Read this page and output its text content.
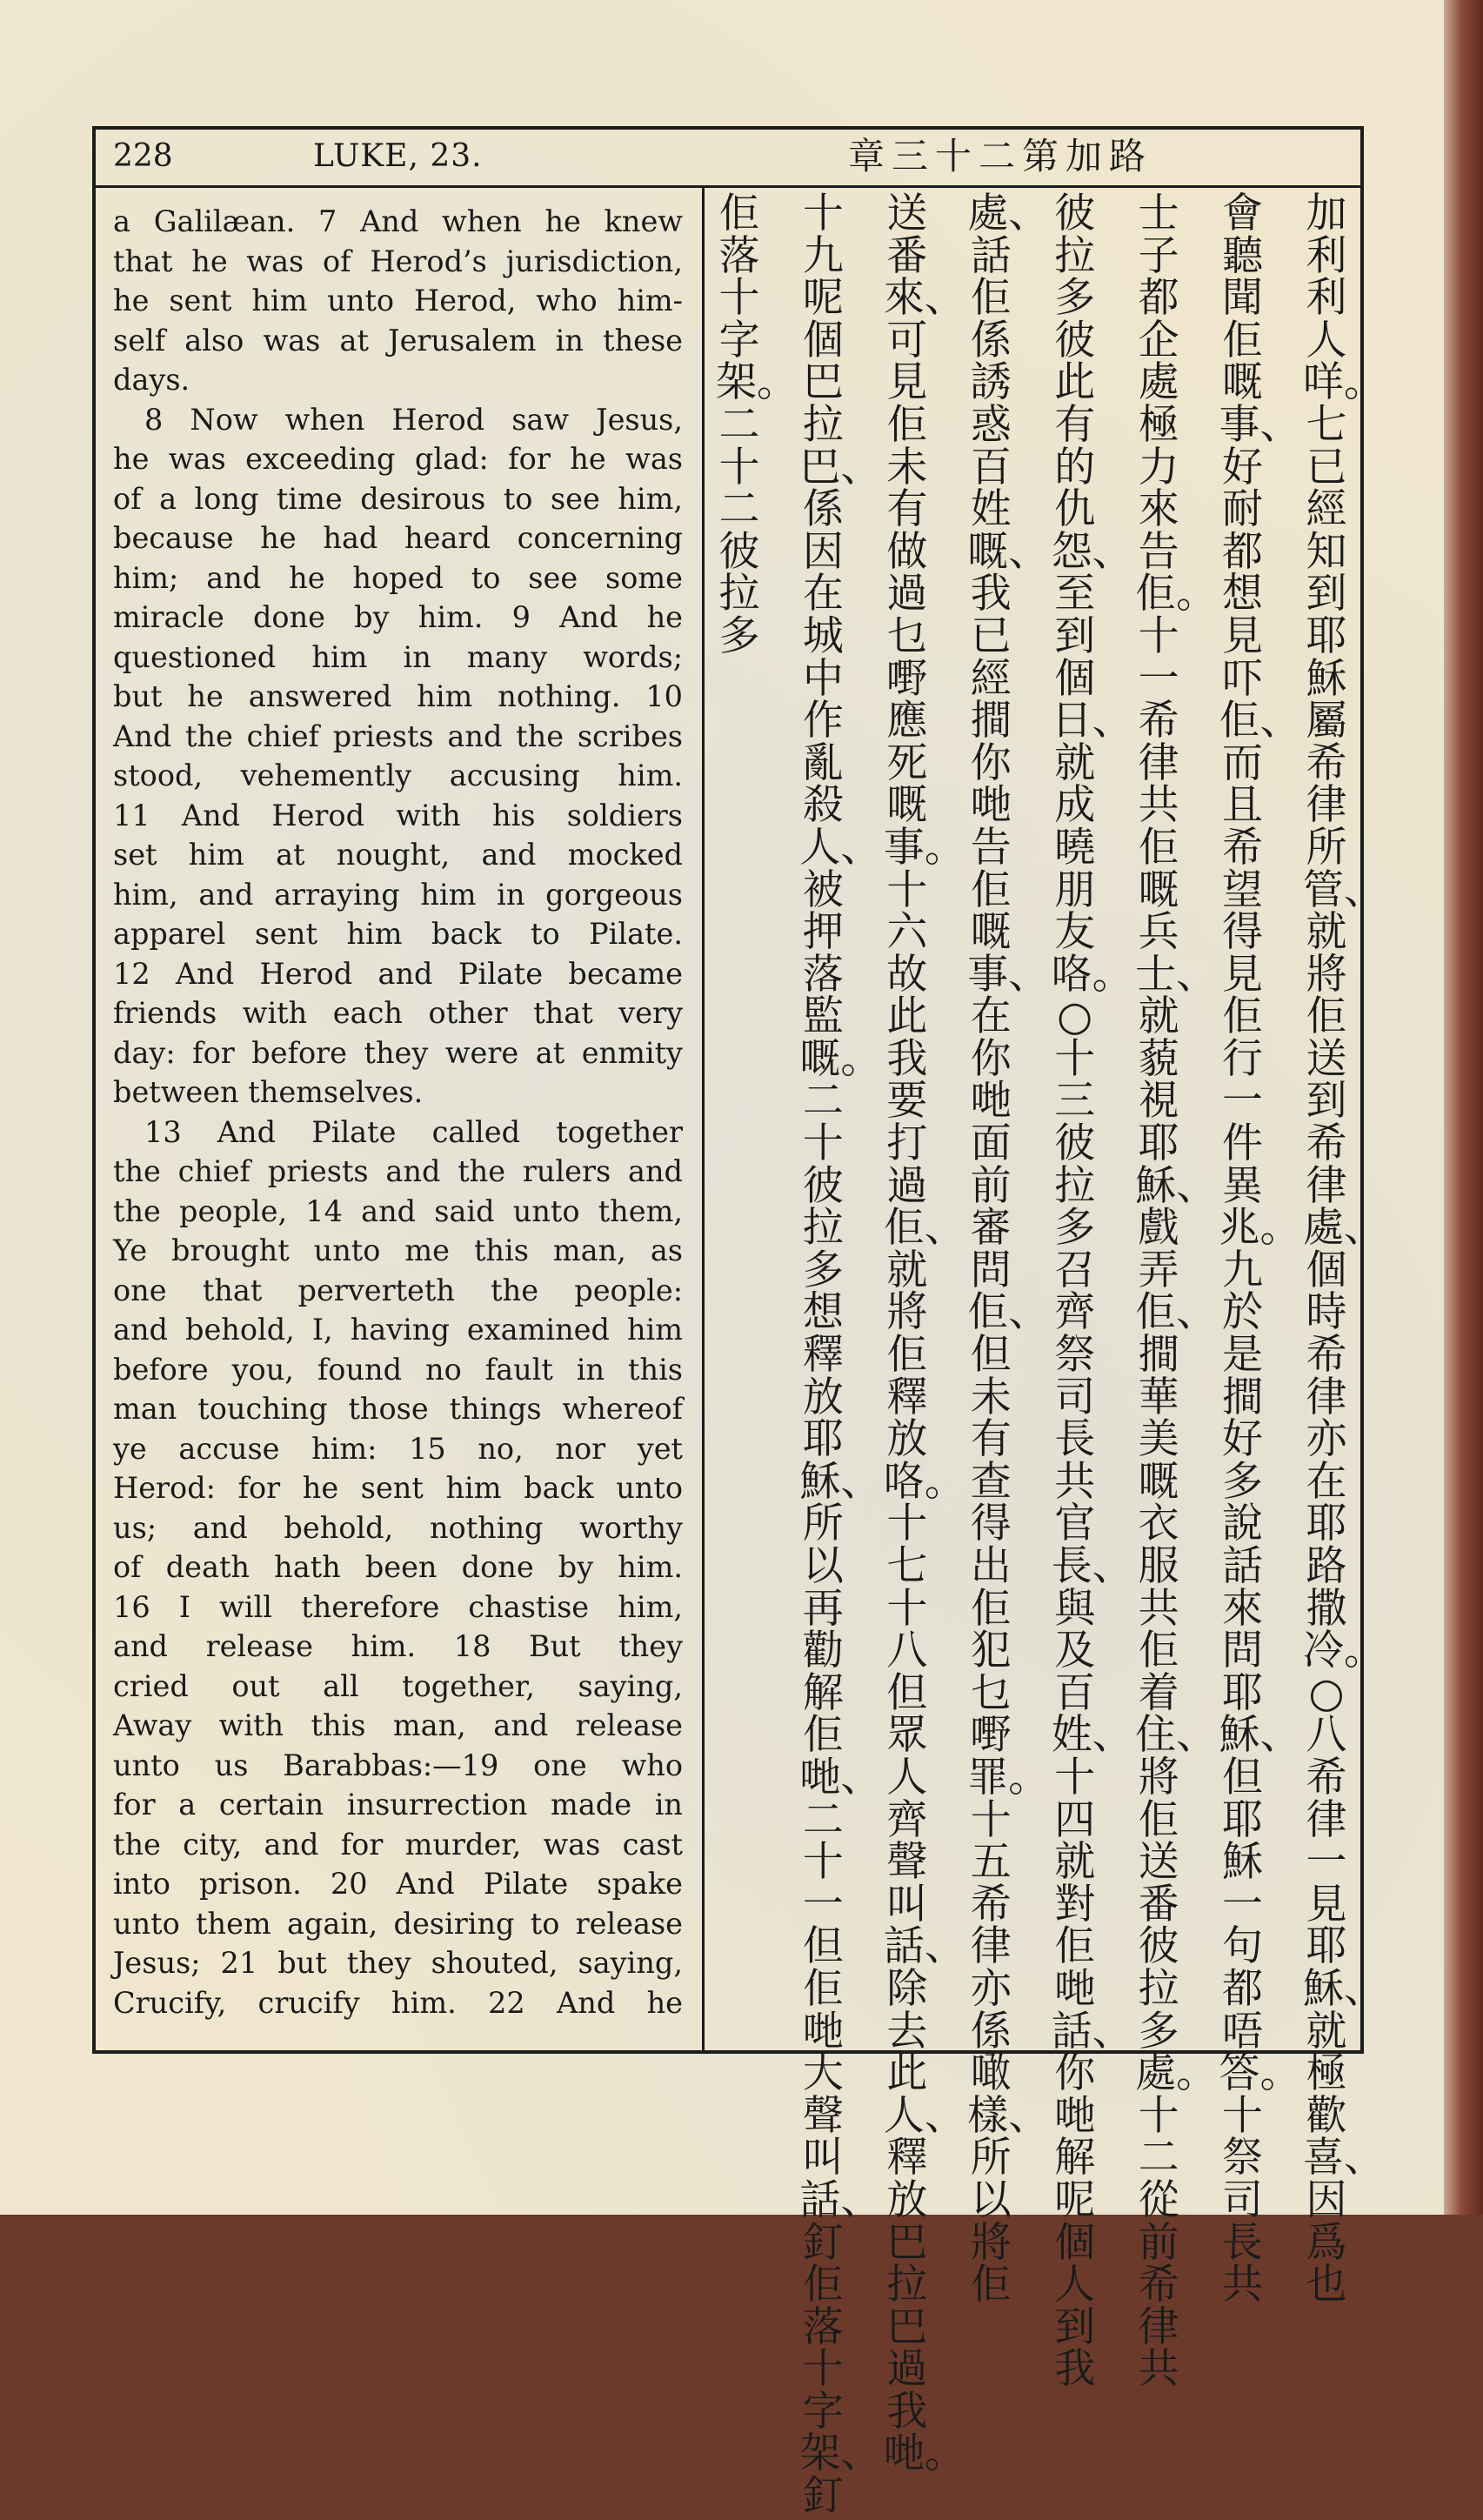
228	LUKE, 23.	章三十二第加路

a Galilæan. 7 And when he knew

that he was of Herod’s jurisdiction,

he sent him unto Herod, who him-

self also was at Jerusalem in these

days.

8 Now when Herod saw Jesus,

he was exceeding glad: for he was

of a long time desirous to see him,

because he had heard concerning

him; and he hoped to see some

miracle done by him. 9 And he

questioned him in many words;

but he answered him nothing. 10

And the chief priests and the scribes

stood, vehemently accusing him.

11 And Herod with his soldiers

set him at nought, and mocked

him, and arraying him in gorgeous

apparel sent him back to Pilate.

12 And Herod and Pilate became

friends with each other that very

day: for before they were at enmity

between themselves.

13 And Pilate called together

the chief priests and the rulers and

the people, 14 and said unto them,

Ye brought unto me this man, as

one that perverteth the people:

and behold, I, having examined him

before you, found no fault in this

man touching those things whereof

ye accuse him: 15 no, nor yet

Herod: for he sent him back unto

us; and behold, nothing worthy

of death hath been done by him.

16 I will therefore chastise him,

and release him. 18 But they

cried out all together, saying,

Away with this man, and release

unto us Barabbas:—19 one who

for a certain insurrection made in

the city, and for murder, was cast

into prison. 20 And Pilate spake

unto them again, desiring to release

Jesus; 21 but they shouted, saying,

Crucify, crucify him. 22 And he

加利利人咩。七已經知到耶穌屬希律所管、就將佢送到希律處、個時希律亦在耶路撒冷。○八希律一見耶穌、就極歡喜、因爲也
會聽聞佢嘅事、好耐都想見吓佢、而且希望得見佢行一件異兆。九於是𢵧好多說話來問耶穌、但耶穌一句都唔答。十祭司長共
士子都企處極力來告佢。十一希律共佢嘅兵士、就藐視耶穌、戲弄佢、𢵧華美嘅衣服共佢着住、將佢送番彼拉多處。十二從前希律共
彼拉多彼此有的仇怨、至到個日、就成曉朋友咯。○十三彼拉多召齊祭司長共官長、與及百姓、十四就對佢哋話、你哋解呢個人到我
處、話佢係誘惑百姓嘅、我已經𢵧你哋告佢嘅事、在你哋面前審問佢、但未有查得出佢犯乜嘢罪。十五希律亦係噉樣、所以將佢
送番來、可見佢未有做過乜嘢應死嘅事。十六故此我要打過佢、就將佢釋放咯。十七十八但眾人齊聲叫話、除去此人、釋放巴拉巴過我哋。
十九呢個巴拉巴、係因在城中作亂殺人、被押落監嘅。二十彼拉多想釋放耶穌、所以再勸解佢哋、二十一但佢哋大聲叫話、釘佢落十字架、釘
佢落十字架。二十二彼拉多
